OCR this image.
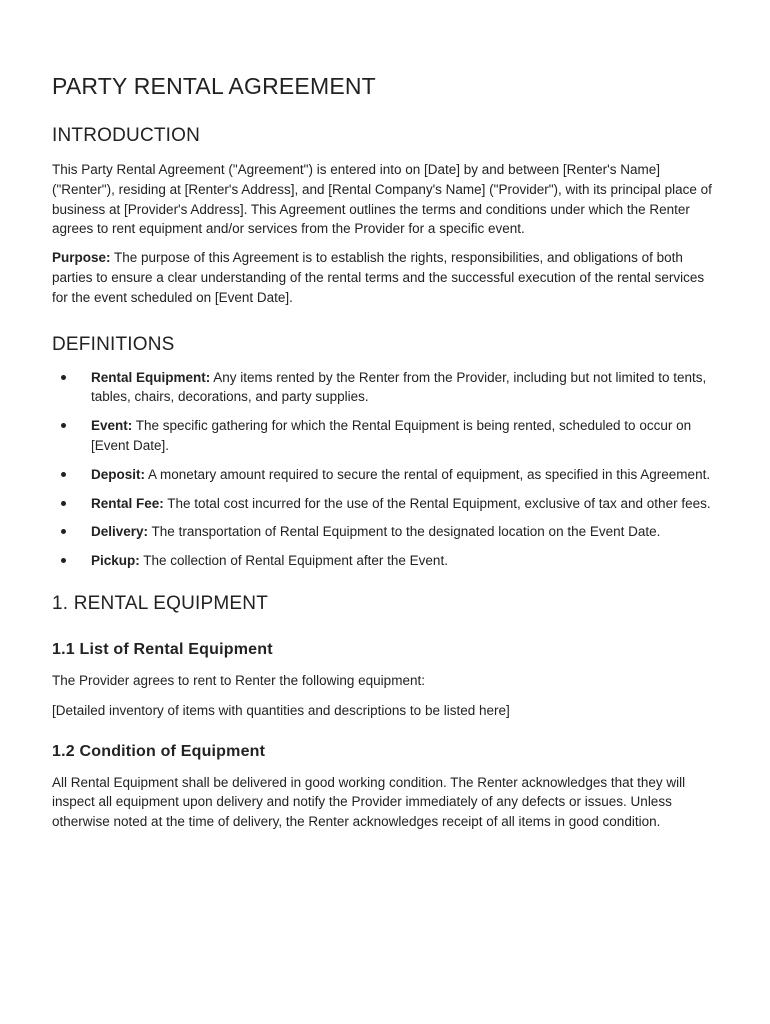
PARTY RENTAL AGREEMENT
INTRODUCTION

This Party Rental Agreement ("Agreement") is entered into on [Date] by and between [Renter's Name] ("Renter"), residing at [Renter's Address], and [Rental Company's Name] ("Provider"), with its principal place of business at [Provider's Address]. This Agreement outlines the terms and conditions under which the Renter agrees to rent equipment and/or services from the Provider for a specific event.

Purpose: The purpose of this Agreement is to establish the rights, responsibilities, and obligations of both parties to ensure a clear understanding of the rental terms and the successful execution of the rental services for the event scheduled on [Event Date].

DEFINITIONS
Rental Equipment: Any items rented by the Renter from the Provider, including but not limited to tents, tables, chairs, decorations, and party supplies.
Event: The specific gathering for which the Rental Equipment is being rented, scheduled to occur on [Event Date].
Deposit: A monetary amount required to secure the rental of equipment, as specified in this Agreement.
Rental Fee: The total cost incurred for the use of the Rental Equipment, exclusive of tax and other fees.
Delivery: The transportation of Rental Equipment to the designated location on the Event Date.
Pickup: The collection of Rental Equipment after the Event.
1. RENTAL EQUIPMENT
1.1 List of Rental Equipment

The Provider agrees to rent to Renter the following equipment:

[Detailed inventory of items with quantities and descriptions to be listed here]

1.2 Condition of Equipment

All Rental Equipment shall be delivered in good working condition. The Renter acknowledges that they will inspect all equipment upon delivery and notify the Provider immediately of any defects or issues. Unless otherwise noted at the time of delivery, the Renter acknowledges receipt of all items in good condition.
